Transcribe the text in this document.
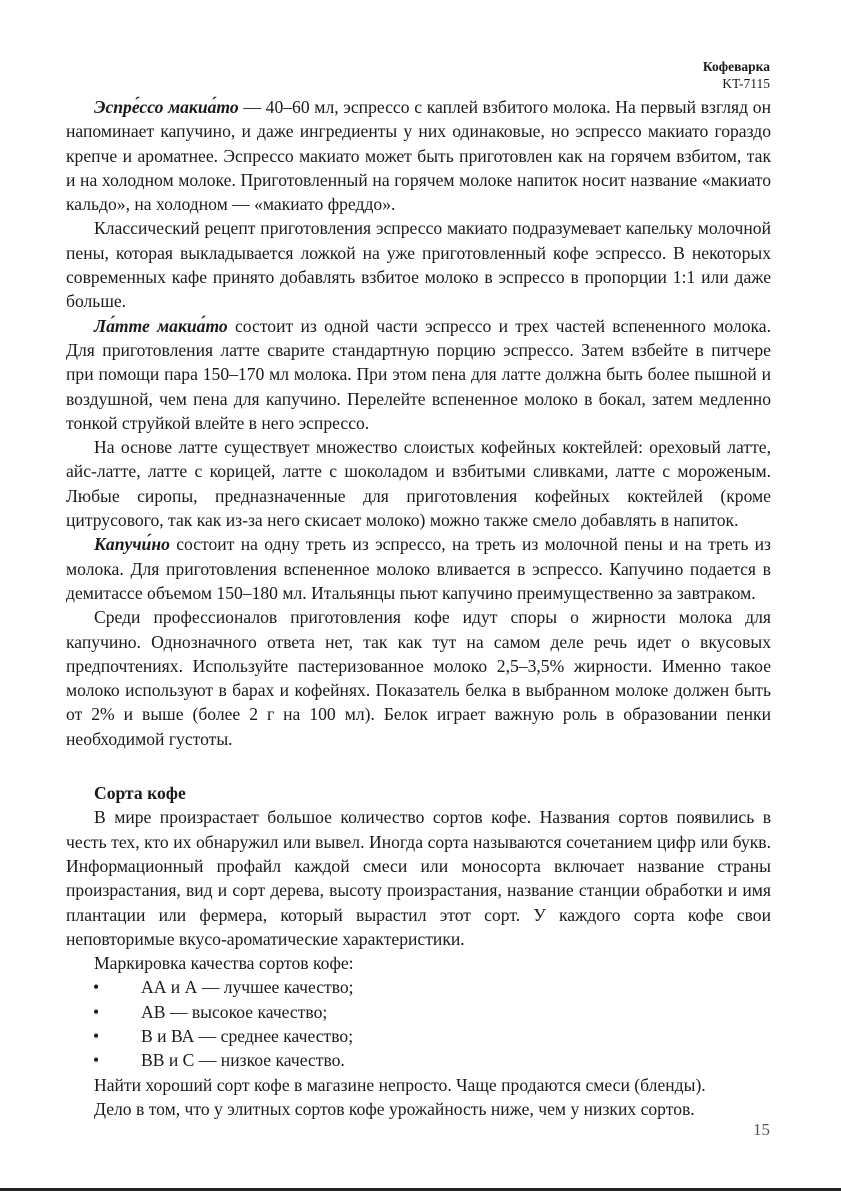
Кофеварка
KT-7115

Эспре́ссо макиа́то — 40–60 мл, эспрессо с каплей взбитого молока. На первый взгляд он напоминает капучино, и даже ингредиенты у них одинаковые, но эспрессо макиато гораздо крепче и ароматнее. Эспрессо макиато может быть приготовлен как на горячем взбитом, так и на холодном молоке. Приготовленный на горячем молоке напиток носит название «макиато кальдо», на холодном — «макиато фреддо».

Классический рецепт приготовления эспрессо макиато подразумевает капельку молочной пены, которая выкладывается ложкой на уже приготовленный кофе эспрессо. В некоторых современных кафе принято добавлять взбитое молоко в эспрессо в пропорции 1:1 или даже больше.

Ла́тте макиа́то состоит из одной части эспрессо и трех частей вспененного молока. Для приготовления латте сварите стандартную порцию эспрессо. Затем взбейте в питчере при помощи пара 150–170 мл молока. При этом пена для латте должна быть более пышной и воздушной, чем пена для капучино. Перелейте вспененное молоко в бокал, затем медленно тонкой струйкой влейте в него эспрессо.

На основе латте существует множество слоистых кофейных коктейлей: ореховый латте, айс-латте, латте с корицей, латте с шоколадом и взбитыми сливками, латте с мороженым. Любые сиропы, предназначенные для приготовления кофейных коктейлей (кроме цитрусового, так как из-за него скисает молоко) можно также смело добавлять в напиток.

Капучи́но состоит на одну треть из эспрессо, на треть из молочной пены и на треть из молока. Для приготовления вспененное молоко вливается в эспрессо. Капучино подается в демитассе объемом 150–180 мл. Итальянцы пьют капучино преимущественно за завтраком.

Среди профессионалов приготовления кофе идут споры о жирности молока для капучино. Однозначного ответа нет, так как тут на самом деле речь идет о вкусовых предпочтениях. Используйте пастеризованное молоко 2,5–3,5% жирности. Именно такое молоко используют в барах и кофейнях. Показатель белка в выбранном молоке должен быть от 2% и выше (более 2 г на 100 мл). Белок играет важную роль в образовании пенки необходимой густоты.

Сорта кофе

В мире произрастает большое количество сортов кофе. Названия сортов появились в честь тех, кто их обнаружил или вывел. Иногда сорта называются сочетанием цифр или букв. Информационный профайл каждой смеси или моносорта включает название страны произрастания, вид и сорт дерева, высоту произрастания, название станции обработки и имя плантации или фермера, который вырастил этот сорт. У каждого сорта кофе свои неповторимые вкусо-ароматические характеристики.

Маркировка качества сортов кофе:

• АА и А — лучшее качество;
• АВ — высокое качество;
• В и ВА — среднее качество;
• ВВ и С — низкое качество.

Найти хороший сорт кофе в магазине непросто. Чаще продаются смеси (бленды).

Дело в том, что у элитных сортов кофе урожайность ниже, чем у низких сортов.

15
